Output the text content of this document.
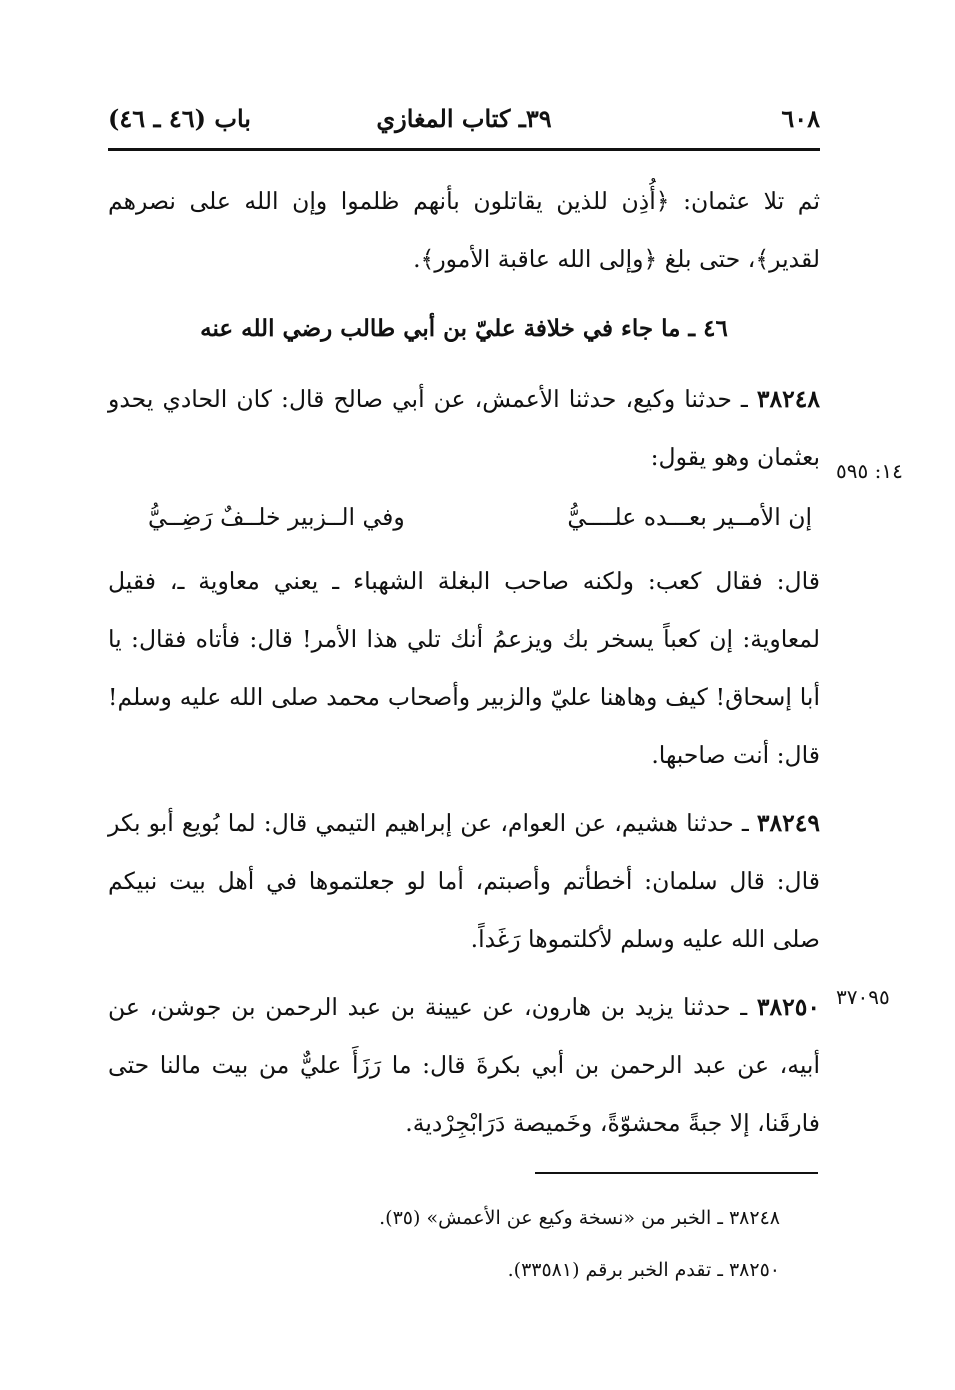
٦٠٨
٣٩ـ كتاب المغازي
باب (٤٦ ـ ٤٦)

ثم تلا عثمان: ﴿أُذِن للذين يقاتلون بأنهم ظلموا وإن الله على نصرهم لقدير﴾، حتى بلغ ﴿وإلى الله عاقبة الأمور﴾.

٤٦ ـ ما جاء في خلافة عليّ بن أبي طالب رضي الله عنه

٣٨٢٤٨ ـ حدثنا وكيع، حدثنا الأعمش، عن أبي صالح قال: كان الحادي يحدو بعثمان وهو يقول:

إن الأمــير بعـــده علــــيُّ
وفي الــزبير خلــفٌ رَضِــيُّ

قال: فقال كعب: ولكنه صاحب البغلة الشهباء ـ يعني معاوية ـ، فقيل لمعاوية: إن كعباً يسخر بك ويزعمُ أنك تلي هذا الأمر! قال: فأتاه فقال: يا أبا إسحاق! كيف وهاهنا عليّ والزبير وأصحاب محمد صلى الله عليه وسلم! قال: أنت صاحبها.

٣٨٢٤٩ ـ حدثنا هشيم، عن العوام، عن إبراهيم التيمي قال: لما بُويع أبو بكر قال: قال سلمان: أخطأتم وأصبتم، أما لو جعلتموها في أهل بيت نبيكم صلى الله عليه وسلم لأكلتموها رَغَداً.

٣٨٢٥٠ ـ حدثنا يزيد بن هارون، عن عيينة بن عبد الرحمن بن جوشن، عن أبيه، عن عبد الرحمن بن أبي بكرةَ قال: ما رَزَأَ عليٌّ من بيت مالنا حتى فارقَنا، إلا جبةً محشوّةً، وخَميصة دَرَابْجِرْدية.

١٤: ٥٩٥
٣٧٠٩٥

٣٨٢٤٨ ـ الخبر من «نسخة وكيع عن الأعمش» (٣٥).

٣٨٢٥٠ ـ تقدم الخبر برقم (٣٣٥٨١).
